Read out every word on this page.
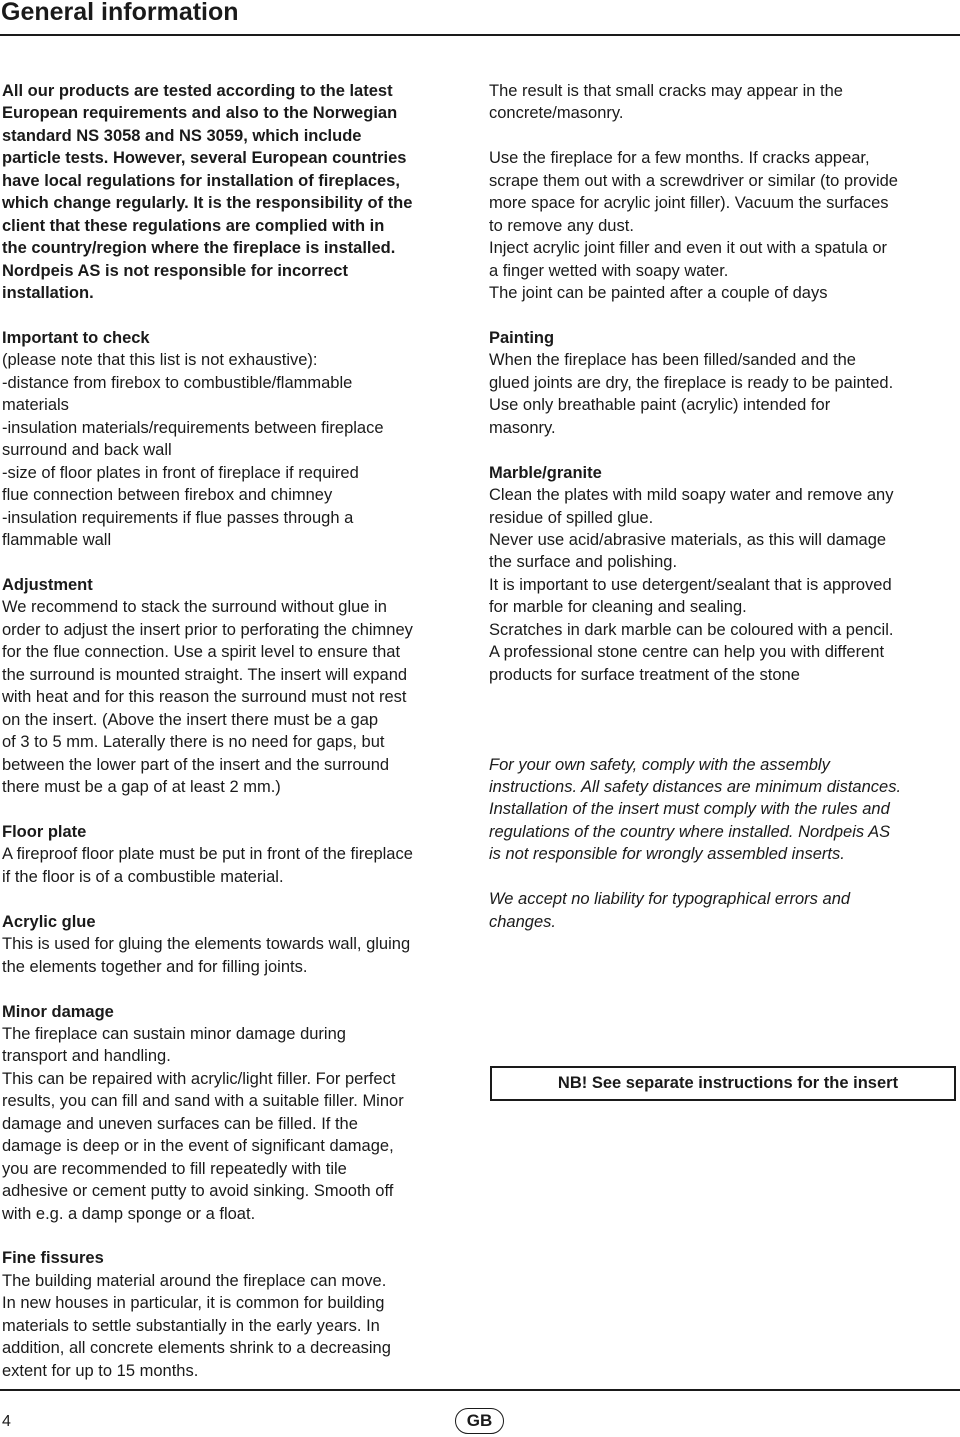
General information

All our products are tested according to the latest
European requirements and also to the Norwegian
standard NS 3058 and NS 3059, which include
particle tests. However, several European countries
have local regulations for installation of fireplaces,
which change regularly. It is the responsibility of the
client that these regulations are complied with in
the country/region where the fireplace is installed.
Nordpeis AS is not responsible for incorrect
installation.

Important to check

(please note that this list is not exhaustive):
-distance from firebox to combustible/flammable
materials
-insulation materials/requirements between fireplace
surround and back wall
-size of floor plates in front of fireplace if required
flue connection between firebox and chimney
-insulation requirements if flue passes through a
flammable wall

Adjustment

We recommend to stack the surround without glue in
order to adjust the insert prior to perforating the chimney
for the flue connection. Use a spirit level to ensure that
the surround is mounted straight. The insert will expand
with heat and for this reason the surround must not rest
on the insert. (Above the insert there must be a gap
of 3 to 5 mm. Laterally there is no need for gaps, but
between the lower part of the insert and the surround
there must be a gap of at least 2 mm.)

Floor plate

A fireproof floor plate must be put in front of the fireplace
if the floor is of a combustible material.

Acrylic glue

This is used for gluing the elements towards wall, gluing
the elements together and for filling joints.

Minor damage

The fireplace can sustain minor damage during
transport and handling.
This can be repaired with acrylic/light filler. For perfect
results, you can fill and sand with a suitable filler. Minor
damage and uneven surfaces can be filled. If the
damage is deep or in the event of significant damage,
you are recommended to fill repeatedly with tile
adhesive or cement putty to avoid sinking. Smooth off
with e.g. a damp sponge or a float.

Fine fissures

The building material around the fireplace can move.
In new houses in particular, it is common for building
materials to settle substantially in the early years. In
addition, all concrete elements shrink to a decreasing
extent for up to 15 months.

The result is that small cracks may appear in the
concrete/masonry.

Use the fireplace for a few months. If cracks appear,
scrape them out with a screwdriver or similar (to provide
more space for acrylic joint filler). Vacuum the surfaces
to remove any dust.
Inject acrylic joint filler and even it out with a spatula or
a finger wetted with soapy water.
The joint can be painted after a couple of days

Painting

When the fireplace has been filled/sanded and the
glued joints are dry, the fireplace is ready to be painted.
Use only breathable paint (acrylic) intended for
masonry.

Marble/granite

Clean the plates with mild soapy water and remove any
residue of spilled glue.
Never use acid/abrasive materials, as this will damage
the surface and polishing.
It is important to use detergent/sealant that is approved
for marble for cleaning and sealing.
Scratches in dark marble can be coloured with a pencil.
A professional stone centre can help you with different
products for surface treatment of the stone

For your own safety, comply with the assembly
instructions. All safety distances are minimum distances.
Installation of the insert must comply with the rules and
regulations of the country where installed. Nordpeis AS
is not responsible for wrongly assembled inserts.

We accept no liability for typographical errors and
changes.

NB! See separate instructions for the insert
4	GB
